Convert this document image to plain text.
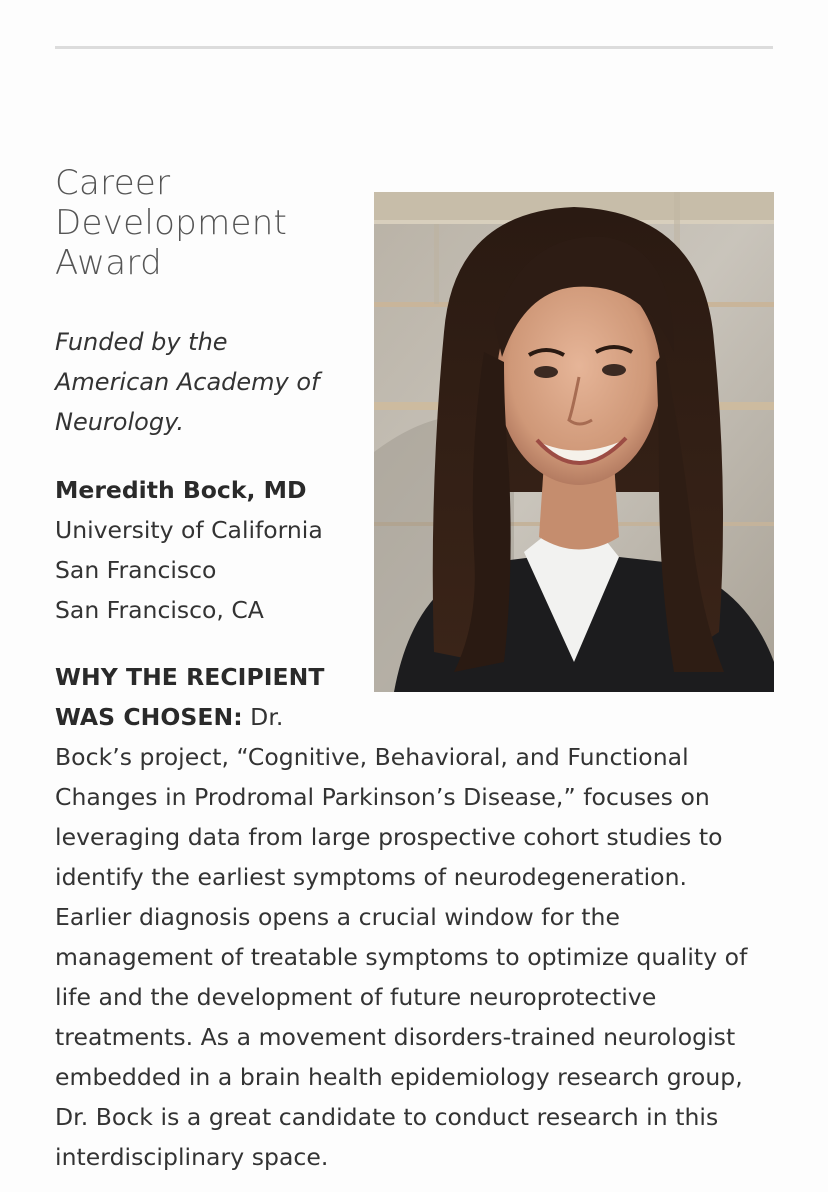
Career
Development
Award

Funded by the
American Academy of
Neurology.

Meredith Bock, MD
University of California
San Francisco
San Francisco, CA
WHY THE RECIPIENT
WAS CHOSEN: Dr.
Bock’s project, “Cognitive, Behavioral, and Functional
Changes in Prodromal Parkinson’s Disease,” focuses on
leveraging data from large prospective cohort studies to
identify the earliest symptoms of neurodegeneration.
Earlier diagnosis opens a crucial window for the
management of treatable symptoms to optimize quality of
life and the development of future neuroprotective
treatments. As a movement disorders-trained neurologist
embedded in a brain health epidemiology research group,
Dr. Bock is a great candidate to conduct research in this
interdisciplinary space.
